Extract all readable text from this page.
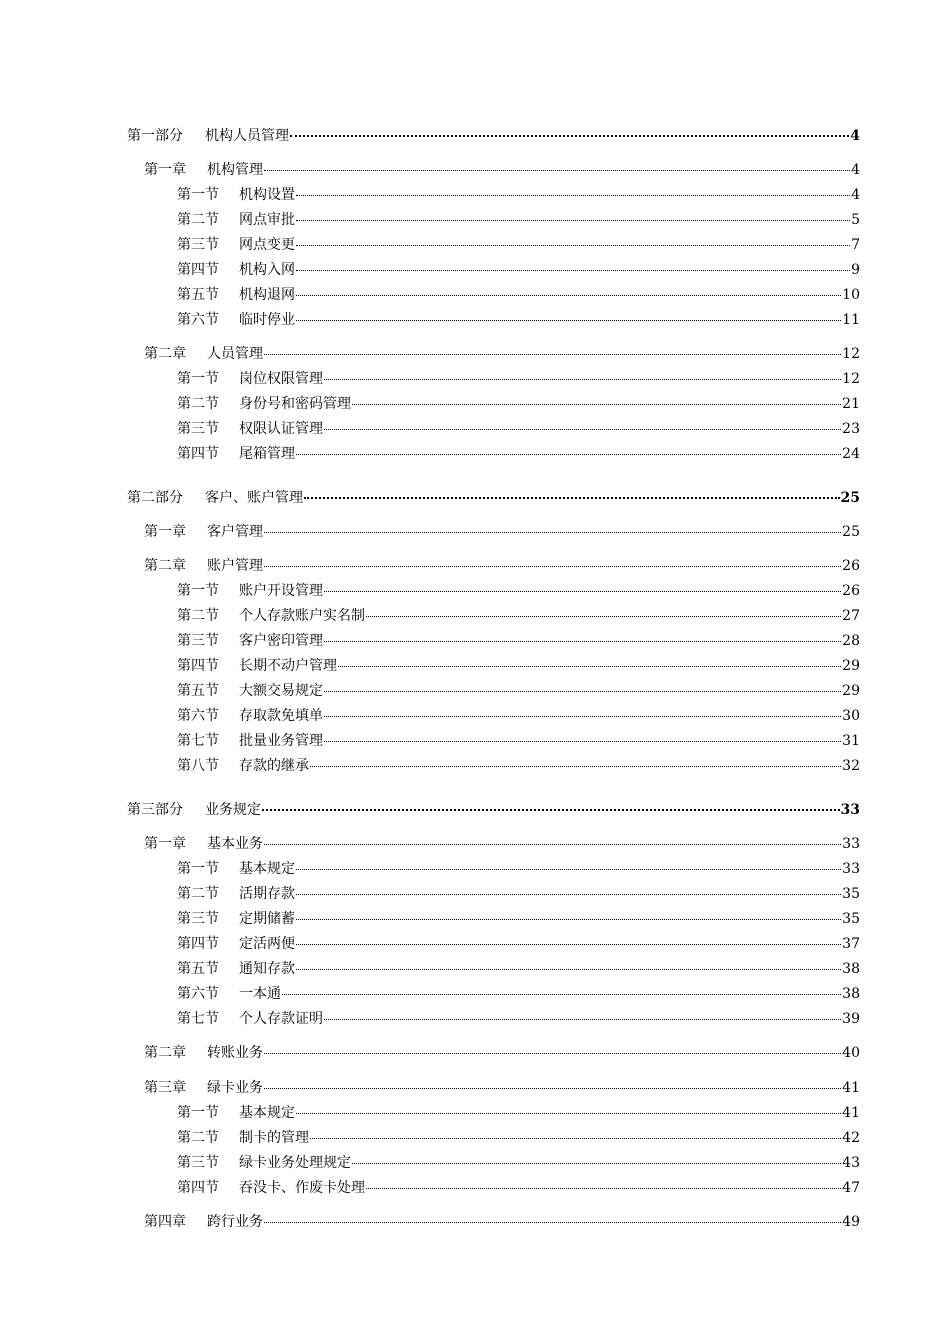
第一部分 机构人员管理	4
第一章 机构管理	4
第一节 机构设置	4
第二节 网点审批	5
第三节 网点变更	7
第四节 机构入网	9
第五节 机构退网	10
第六节 临时停业	11
第二章 人员管理	12
第一节 岗位权限管理	12
第二节 身份号和密码管理	21
第三节 权限认证管理	23
第四节 尾箱管理	24
第二部分 客户、账户管理	25
第一章 客户管理	25
第二章 账户管理	26
第一节 账户开设管理	26
第二节 个人存款账户实名制	27
第三节 客户密印管理	28
第四节 长期不动户管理	29
第五节 大额交易规定	29
第六节 存取款免填单	30
第七节 批量业务管理	31
第八节 存款的继承	32
第三部分 业务规定	33
第一章 基本业务	33
第一节 基本规定	33
第二节 活期存款	35
第三节 定期储蓄	35
第四节 定活两便	37
第五节 通知存款	38
第六节 一本通	38
第七节 个人存款证明	39
第二章 转账业务	40
第三章 绿卡业务	41
第一节 基本规定	41
第二节 制卡的管理	42
第三节 绿卡业务处理规定	43
第四节 吞没卡、作废卡处理	47
第四章 跨行业务	49
